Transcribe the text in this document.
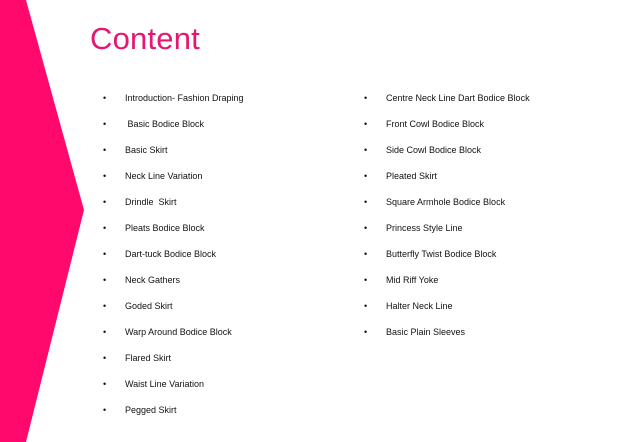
Content
•	Introduction- Fashion Draping
•	Basic Bodice Block
•	Basic Skirt
•	Neck Line Variation
•	Drindle  Skirt
•	Pleats Bodice Block
•	Dart-tuck Bodice Block
•	Neck Gathers
•	Goded Skirt
•	Warp Around Bodice Block
•	Flared Skirt
•	Waist Line Variation
•	Pegged Skirt
•	Centre Neck Line Dart Bodice Block
•	Front Cowl Bodice Block
•	Side Cowl Bodice Block
•	Pleated Skirt
•	Square Armhole Bodice Block
•	Princess Style Line
•	Butterfly Twist Bodice Block
•	Mid Riff Yoke
•	Halter Neck Line
•	Basic Plain Sleeves
